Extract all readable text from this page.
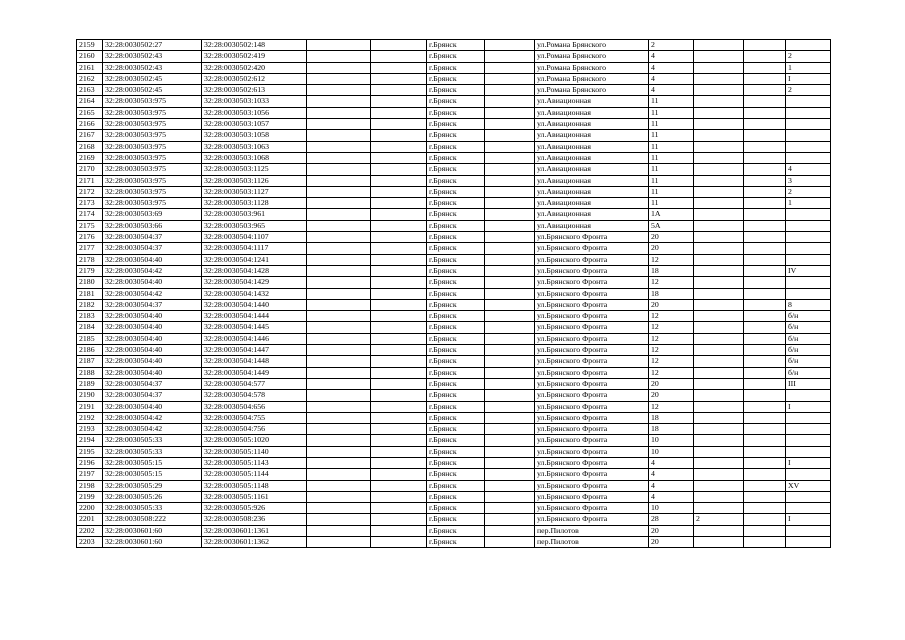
2159	32:28:0030502:27	32:28:0030502:148			г.Брянск		ул.Романа Брянского	2			
2160	32:28:0030502:43	32:28:0030502:419			г.Брянск		ул.Романа Брянского	4			2
2161	32:28:0030502:43	32:28:0030502:420			г.Брянск		ул.Романа Брянского	4			1
2162	32:28:0030502:45	32:28:0030502:612			г.Брянск		ул.Романа Брянского	4			I
2163	32:28:0030502:45	32:28:0030502:613			г.Брянск		ул.Романа Брянского	4			2
2164	32:28:0030503:975	32:28:0030503:1033			г.Брянск		ул.Авиационная	11			
2165	32:28:0030503:975	32:28:0030503:1056			г.Брянск		ул.Авиационная	11			
2166	32:28:0030503:975	32:28:0030503:1057			г.Брянск		ул.Авиационная	11			
2167	32:28:0030503:975	32:28:0030503:1058			г.Брянск		ул.Авиационная	11			
2168	32:28:0030503:975	32:28:0030503:1063			г.Брянск		ул.Авиационная	11			
2169	32:28:0030503:975	32:28:0030503:1068			г.Брянск		ул.Авиационная	11			
2170	32:28:0030503:975	32:28:0030503:1125			г.Брянск		ул.Авиационная	11			4
2171	32:28:0030503:975	32:28:0030503:1126			г.Брянск		ул.Авиационная	11			3
2172	32:28:0030503:975	32:28:0030503:1127			г.Брянск		ул.Авиационная	11			2
2173	32:28:0030503:975	32:28:0030503:1128			г.Брянск		ул.Авиационная	11			1
2174	32:28:0030503:69	32:28:0030503:961			г.Брянск		ул.Авиационная	1А			
2175	32:28:0030503:66	32:28:0030503:965			г.Брянск		ул.Авиационная	5А			
2176	32:28:0030504:37	32:28:0030504:1107			г.Брянск		ул.Брянского Фронта	20			
2177	32:28:0030504:37	32:28:0030504:1117			г.Брянск		ул.Брянского Фронта	20			
2178	32:28:0030504:40	32:28:0030504:1241			г.Брянск		ул.Брянского Фронта	12			
2179	32:28:0030504:42	32:28:0030504:1428			г.Брянск		ул.Брянского Фронта	18			IV
2180	32:28:0030504:40	32:28:0030504:1429			г.Брянск		ул.Брянского Фронта	12			
2181	32:28:0030504:42	32:28:0030504:1432			г.Брянск		ул.Брянского Фронта	18			
2182	32:28:0030504:37	32:28:0030504:1440			г.Брянск		ул.Брянского Фронта	20			8
2183	32:28:0030504:40	32:28:0030504:1444			г.Брянск		ул.Брянского Фронта	12			б/н
2184	32:28:0030504:40	32:28:0030504:1445			г.Брянск		ул.Брянского Фронта	12			б/н
2185	32:28:0030504:40	32:28:0030504:1446			г.Брянск		ул.Брянского Фронта	12			б/н
2186	32:28:0030504:40	32:28:0030504:1447			г.Брянск		ул.Брянского Фронта	12			б/н
2187	32:28:0030504:40	32:28:0030504:1448			г.Брянск		ул.Брянского Фронта	12			б/н
2188	32:28:0030504:40	32:28:0030504:1449			г.Брянск		ул.Брянского Фронта	12			б/н
2189	32:28:0030504:37	32:28:0030504:577			г.Брянск		ул.Брянского Фронта	20			III
2190	32:28:0030504:37	32:28:0030504:578			г.Брянск		ул.Брянского Фронта	20			
2191	32:28:0030504:40	32:28:0030504:656			г.Брянск		ул.Брянского Фронта	12			I
2192	32:28:0030504:42	32:28:0030504:755			г.Брянск		ул.Брянского Фронта	18			
2193	32:28:0030504:42	32:28:0030504:756			г.Брянск		ул.Брянского Фронта	18			
2194	32:28:0030505:33	32:28:0030505:1020			г.Брянск		ул.Брянского Фронта	10			
2195	32:28:0030505:33	32:28:0030505:1140			г.Брянск		ул.Брянского Фронта	10			
2196	32:28:0030505:15	32:28:0030505:1143			г.Брянск		ул.Брянского Фронта	4			I
2197	32:28:0030505:15	32:28:0030505:1144			г.Брянск		ул.Брянского Фронта	4			
2198	32:28:0030505:29	32:28:0030505:1148			г.Брянск		ул.Брянского Фронта	4			XV
2199	32:28:0030505:26	32:28:0030505:1161			г.Брянск		ул.Брянского Фронта	4			
2200	32:28:0030505:33	32:28:0030505:926			г.Брянск		ул.Брянского Фронта	10			
2201	32:28:0030508:222	32:28:0030508:236			г.Брянск		ул.Брянского Фронта	28	2		I
2202	32:28:0030601:60	32:28:0030601:1361			г.Брянск		пер.Пилотов	20			
2203	32:28:0030601:60	32:28:0030601:1362			г.Брянск		пер.Пилотов	20			
